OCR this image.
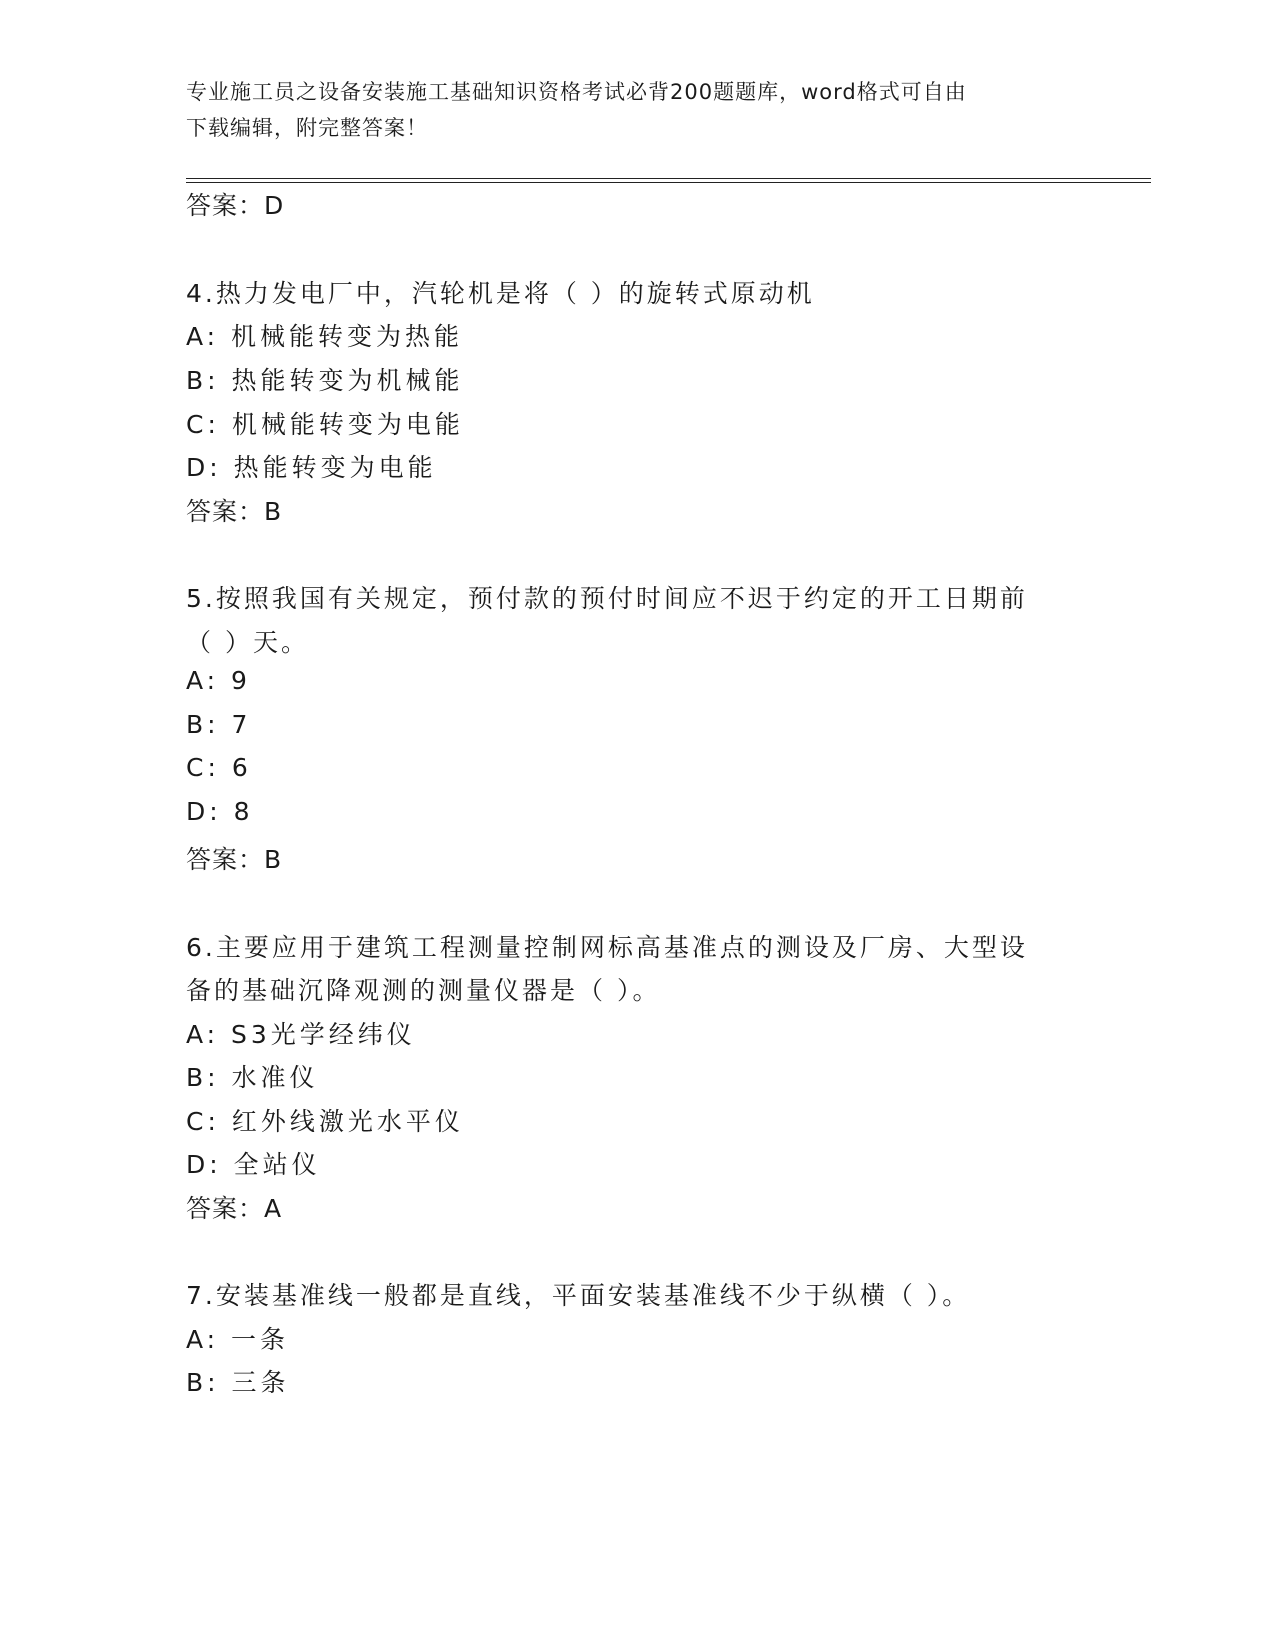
专业施工员之设备安装施工基础知识资格考试必背200题题库，word格式可自由
下载编辑，附完整答案！
答案：D
4.热力发电厂中，汽轮机是将（ ）的旋转式原动机
A: 机械能转变为热能
B: 热能转变为机械能
C: 机械能转变为电能
D: 热能转变为电能
答案：B
5.按照我国有关规定，预付款的预付时间应不迟于约定的开工日期前
（ ）天。
A: 9
B: 7
C: 6
D: 8
答案：B
6.主要应用于建筑工程测量控制网标高基准点的测设及厂房、大型设
备的基础沉降观测的测量仪器是（ ）。
A: S3光学经纬仪
B: 水准仪
C: 红外线激光水平仪
D: 全站仪
答案：A
7.安装基准线一般都是直线，平面安装基准线不少于纵横（ ）。
A: 一条
B: 三条
